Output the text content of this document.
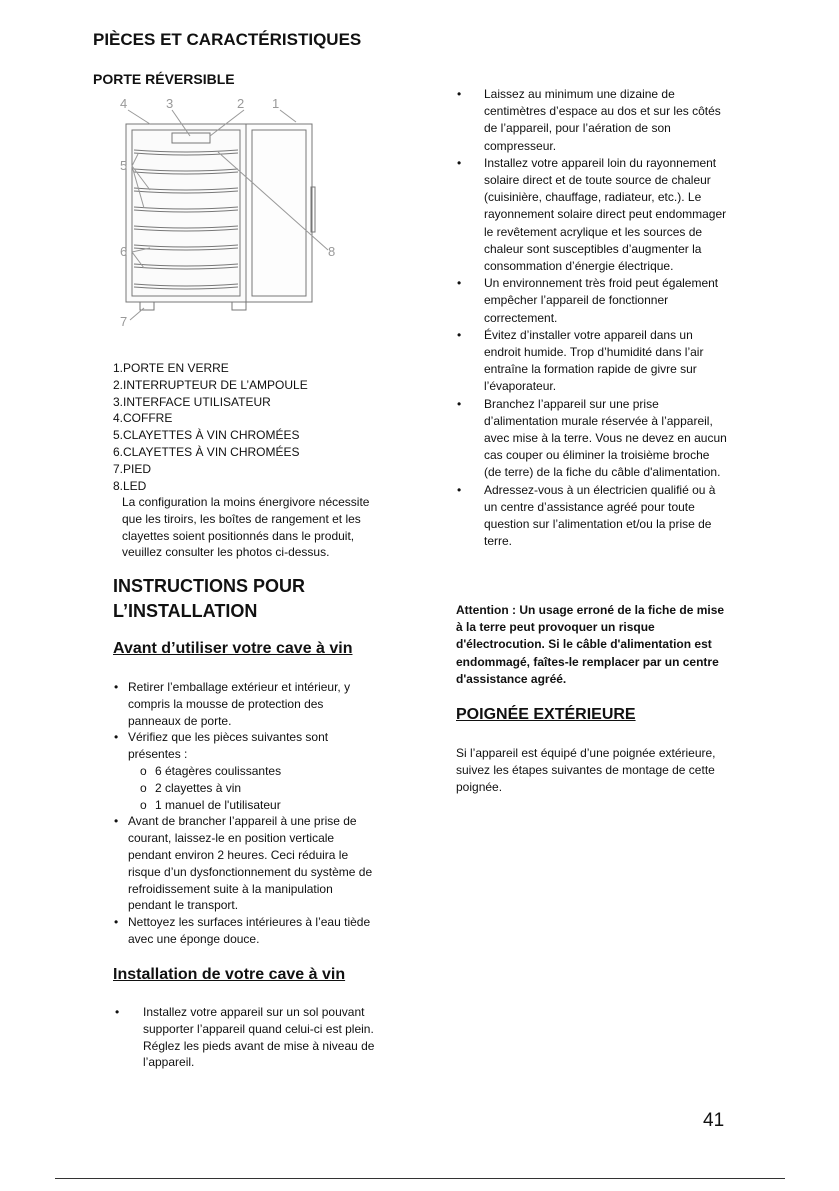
PIÈCES ET CARACTÉRISTIQUES
PORTE RÉVERSIBLE
1
2
3
4
5
6
7
8
1.PORTE EN VERRE
2.INTERRUPTEUR DE L’AMPOULE
3.INTERFACE UTILISATEUR
4.COFFRE
5.CLAYETTES À VIN CHROMÉES
6.CLAYETTES À VIN CHROMÉES
7.PIED
8.LED
La configuration la moins énergivore nécessite que les tiroirs, les boîtes de rangement et les clayettes soient positionnés dans le produit, veuillez consulter les photos ci-dessus.
INSTRUCTIONS POUR L’INSTALLATION
Avant d’utiliser votre cave à vin
• Retirer l’emballage extérieur et intérieur, y compris la mousse de protection des panneaux de porte.
• Vérifiez que les pièces suivantes sont présentes :
o 6 étagères coulissantes
o 2 clayettes à vin
o 1 manuel de l'utilisateur
• Avant de brancher l’appareil à une prise de courant, laissez-le en position verticale pendant environ 2 heures. Ceci réduira le risque d’un dysfonctionnement du système de refroidissement suite à la manipulation pendant le transport.
• Nettoyez les surfaces intérieures à l’eau tiède avec une éponge douce.
Installation de votre cave à vin
• Installez votre appareil sur un sol pouvant supporter l’appareil quand celui-ci est plein. Réglez les pieds avant de mise à niveau de l’appareil.
• Laissez au minimum une dizaine de centimètres d’espace au dos et sur les côtés de l’appareil, pour l’aération de son compresseur.
• Installez votre appareil loin du rayonnement solaire direct et de toute source de chaleur (cuisinière, chauffage, radiateur, etc.). Le rayonnement solaire direct peut endommager le revêtement acrylique et les sources de chaleur sont susceptibles d’augmenter la consommation d’énergie électrique.
• Un environnement très froid peut également empêcher l’appareil de fonctionner correctement.
• Évitez d’installer votre appareil dans un endroit humide. Trop d’humidité dans l’air entraîne la formation rapide de givre sur l’évaporateur.
• Branchez l’appareil sur une prise d’alimentation murale réservée à l’appareil, avec mise à la terre. Vous ne devez en aucun cas couper ou éliminer la troisième broche (de terre) de la fiche du câble d'alimentation.
• Adressez-vous à un électricien qualifié ou à un centre d’assistance agréé pour toute question sur l’alimentation et/ou la prise de terre.
Attention : Un usage erroné de la fiche de mise à la terre peut provoquer un risque d'électrocution. Si le câble d'alimentation est endommagé, faîtes-le remplacer par un centre d'assistance agréé.
POIGNÉE EXTÉRIEURE
Si l’appareil est équipé d’une poignée extérieure, suivez les étapes suivantes de montage de cette poignée.
41
